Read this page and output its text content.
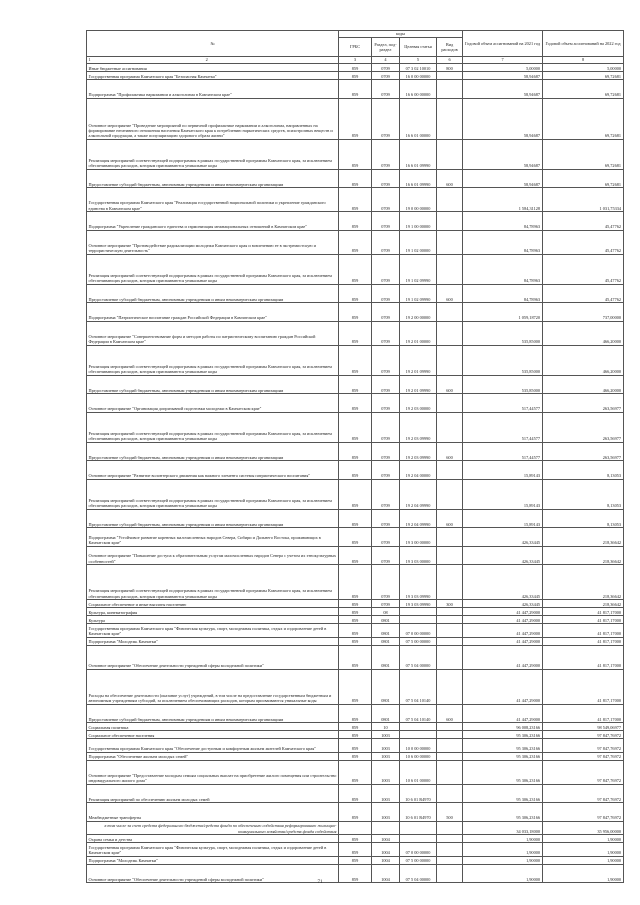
№	коды				Годовой объем ассигнований на 2021 год	Годовой объем ассигнований на 2022 год
	ГРБС	Раздел, под-раздел	Целевая статья	Вид расходов		
1 2	3	4	5	6	7	8
Иные бюджетные ассигнования	859	0709	07 3 02 10010	800	5,00000	5,00000
Государственная программа Камчатского края "Безопасная Камчатка"	859	0709	16 0 00 00000		58,94687	69,72681
Подпрограмма "Профилактика наркомании и алкоголизма в Камчатском крае"	859	0709	16 6 00 00000		58,94687	69,72681
Основное мероприятие "Проведение мероприятий по первичной профилактике наркомании и алкоголизма, направленных на формирование негативного отношения населения Камчатского края к потреблению наркотических средств, психотропных веществ и алкогольной продукции, а также популяризацию здорового образа жизни"	859	0709	16 6 01 00000		58,94687	69,72681
Реализация мероприятий соответствующей подпрограммы в рамках государственной программы Камчатского края, за исключением обеспечивающих расходов, которым присваиваются уникальные коды	859	0709	16 6 01 09990		58,94687	69,72681
Предоставление субсидий бюджетным, автономным учреждениям и иным некоммерческим организациям	859	0709	16 6 01 09990	600	58,94687	69,72681
Государственная программа Камчатского края "Реализация государственной национальной политики и укрепление гражданского единства в Камчатском крае"	859	0709	19 0 00 00000		1 584,31128	1 031,75334
Подпрограмма "Укрепление гражданского единства и гармонизация межнациональных отношений в Камчатском крае"	859	0709	19 1 00 00000		84,78963	45,47762
Основное мероприятие "Противодействие радикализации молодежи Камчатского края и вовлечению ее в экстремистскую и террористическую деятельность"	859	0709	19 1 02 00000		84,78963	45,47762
Реализация мероприятий соответствующей подпрограммы в рамках государственной программы Камчатского края, за исключением обеспечивающих расходов, которым присваиваются уникальные коды	859	0709	19 1 02 09990		84,78963	45,47762
Предоставление субсидий бюджетным, автономным учреждениям и иным некоммерческим организациям	859	0709	19 1 02 09990	600	84,78963	45,47762
Подпрограмма "Патриотическое воспитание граждан Российской Федерации в Камчатском крае"	859	0709	19 2 00 00000		1 059,18720	737,00000
Основное мероприятие "Совершенствование форм и методов работы по патриотическому воспитанию граждан Российской Федерации в Камчатском крае"	859	0709	19 2 01 00000		535,85000	466,20000
Реализация мероприятий соответствующей подпрограммы в рамках государственной программы Камчатского края, за исключением обеспечивающих расходов, которым присваиваются уникальные коды	859	0709	19 2 01 09990		535,85000	466,20000
Предоставление субсидий бюджетным, автономным учреждениям и иным некоммерческим организациям	859	0709	19 2 01 09990	600	535,85000	466,20000
Основное мероприятие "Организация допризывной подготовки молодежи в Камчатском крае"	859	0709	19 2 03 00000		517,44577	263,56977
Реализация мероприятий соответствующей подпрограммы в рамках государственной программы Камчатского края, за исключением обеспечивающих расходов, которым присваиваются уникальные коды	859	0709	19 2 03 09990		517,44577	263,56977
Предоставление субсидий бюджетным, автономным учреждениям и иным некоммерческим организациям	859	0709	19 2 03 09990	600	517,44577	263,56977
Основное мероприятие "Развитие волонтерского движения как важного элемента системы патриотического воспитания"	859	0709	19 2 04 00000		15,89143	8,13053
Реализация мероприятий соответствующей подпрограммы в рамках государственной программы Камчатского края, за исключением обеспечивающих расходов, которым присваиваются уникальные коды	859	0709	19 2 04 09990		15,89143	8,13053
Предоставление субсидий бюджетным, автономным учреждениям и иным некоммерческим организациям	859	0709	19 2 04 09990	600	15,89143	8,13053
Подпрограмма "Устойчивое развитие коренных малочисленных народов Севера, Сибири и Дальнего Востока, проживающих в Камчатском крае"	859	0709	19 3 00 00000		426,33445	218,36642
Основное мероприятие "Повышение доступа к образовательным услугам малочисленных народов Севера с учетом их этнокультурных особенностей"	859	0709	19 3 03 00000		426,33445	218,36642
Реализация мероприятий соответствующей подпрограммы в рамках государственной программы Камчатского края, за исключением обеспечивающих расходов, которым присваиваются уникальные коды	859	0709	19 3 03 09990		426,33445	218,36642
Социальное обеспечение и иные выплаты населению	859	0709	19 3 03 09990	300	426,33445	218,36642
Культура, кинематография	859	08			41 447,29000	41 817,17000
Культура	859	0801			41 447,29000	41 817,17000
Государственная программа Камчатского края "Физическая культура, спорт, молодежная политика, отдых и оздоровление детей в Камчатском крае"	859	0801	07 0 00 00000		41 447,29000	41 817,17000
Подпрограмма "Молодежь Камчатки"	859	0801	07 5 00 00000		41 447,29000	41 817,17000
Основное мероприятие "Обеспечение деятельности учреждений сферы молодежной политики"	859	0801	07 5 04 00000		41 447,29000	41 817,17000
Расходы на обеспечение деятельности (оказание услуг) учреждений, в том числе на предоставление государственным бюджетным и автономным учреждениям субсидий, за исключением обеспечивающих расходов, которым присваиваются уникальные коды	859	0801	07 5 04 10140		41 447,29000	41 817,17000
Предоставление субсидий бюджетным, автономным учреждениям и иным некоммерческим организациям	859	0801	07 5 04 10140	600	41 447,29000	41 817,17000
Социальная политика	859	10			96 008,23166	98 549,06977
Социальное обеспечение населения	859	1003			95 306,23166	97 847,76972
Государственная программа Камчатского края "Обеспечение доступным и комфортным жильем жителей Камчатского края"	859	1003	10 0 00 00000		95 306,23166	97 847,76972
Подпрограмма "Обеспечение жильем молодых семей"	859	1003	10 6 00 00000		95 306,23166	97 847,76972
Основное мероприятие "Предоставление молодым семьям социальных выплат на приобретение жилого помещения или строительство индивидуального жилого дома"	859	1003	10 6 01 00000		95 306,23166	97 847,76972
Реализация мероприятий по обеспечению жильем молодых семей	859	1003	10 6 01 R4970		95 306,23166	97 847,76972
Межбюджетные трансферты	859	1003	10 6 01 R4970	500	95 306,23166	97 847,76972
в том числе за счет средств федерального бюджета/средств фонда по обеспечению содействия реформированию жилищно-коммунального хозяйства/средств фонда содействия					34 033,18000	35 956,00000
Охрана семьи и детства	859	1004			1,90000	1,90000
Государственная программа Камчатского края "Физическая культура, спорт, молодежная политика, отдых и оздоровление детей в Камчатском крае"	859	1004	07 0 00 00000		1,90000	1,90000
Подпрограмма "Молодежь Камчатки"	859	1004	07 5 00 00000		1,90000	1,90000
Основное мероприятие "Обеспечение деятельности учреждений сферы молодежной политики"	859	1004	07 5 04 00000		1,90000	1,90000
71
